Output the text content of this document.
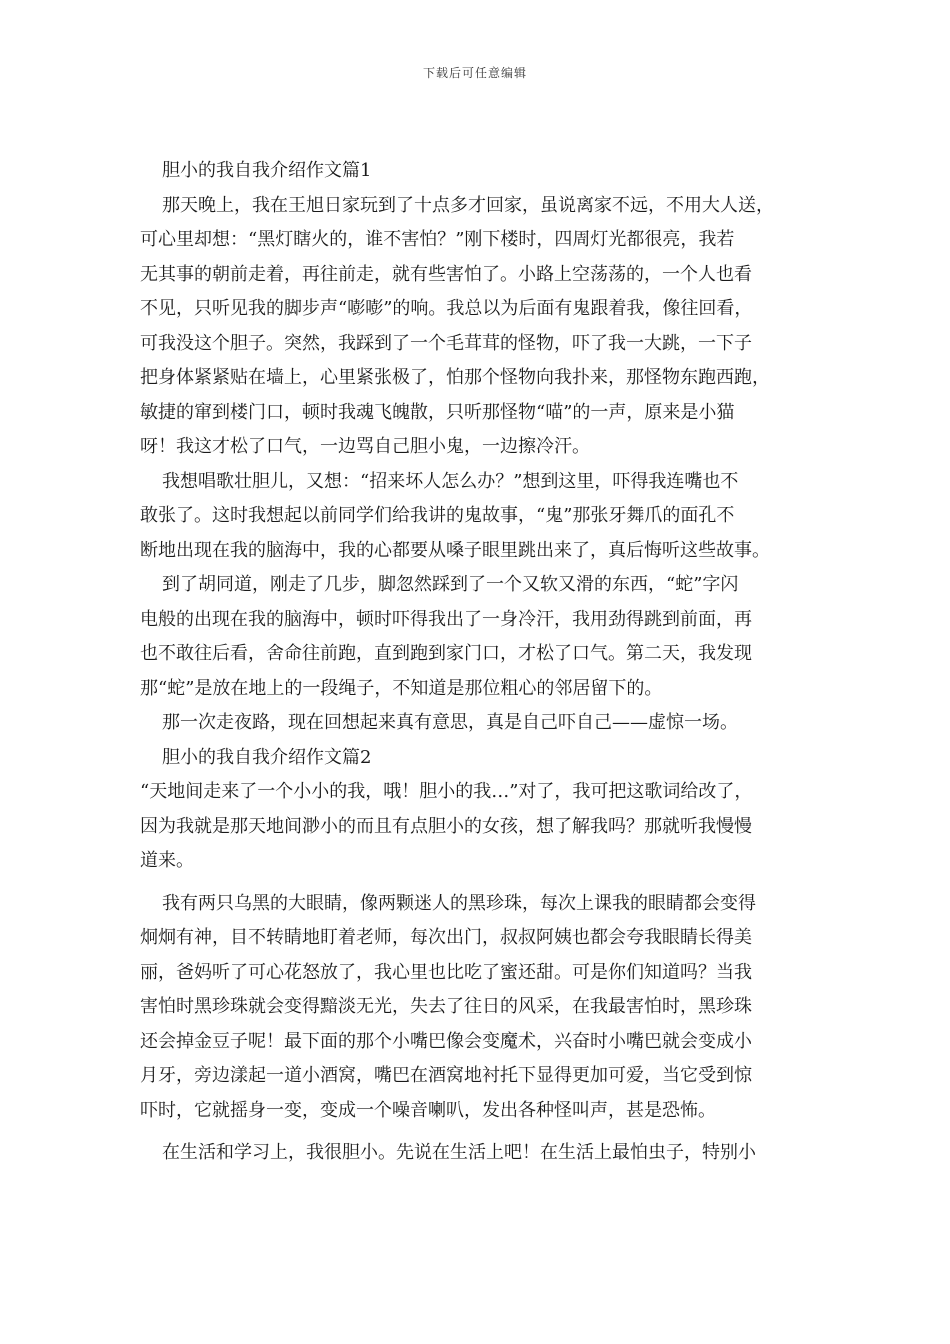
下载后可任意编辑
胆小的我自我介绍作文篇1
那天晚上，我在王旭日家玩到了十点多才回家，虽说离家不远，不用大人送，
可心里却想：“黑灯瞎火的，谁不害怕？”刚下楼时，四周灯光都很亮，我若
无其事的朝前走着，再往前走，就有些害怕了。小路上空荡荡的，一个人也看
不见，只听见我的脚步声“嘭嘭”的响。我总以为后面有鬼跟着我，像往回看，
可我没这个胆子。突然，我踩到了一个毛茸茸的怪物，吓了我一大跳，一下子
把身体紧紧贴在墙上，心里紧张极了，怕那个怪物向我扑来，那怪物东跑西跑，
敏捷的窜到楼门口，顿时我魂飞魄散，只听那怪物“喵”的一声，原来是小猫
呀！我这才松了口气，一边骂自己胆小鬼，一边擦冷汗。
我想唱歌壮胆儿，又想：“招来坏人怎么办？”想到这里，吓得我连嘴也不
敢张了。这时我想起以前同学们给我讲的鬼故事，“鬼”那张牙舞爪的面孔不
断地出现在我的脑海中，我的心都要从嗓子眼里跳出来了，真后悔听这些故事。
到了胡同道，刚走了几步，脚忽然踩到了一个又软又滑的东西，“蛇”字闪
电般的出现在我的脑海中，顿时吓得我出了一身冷汗，我用劲得跳到前面，再
也不敢往后看，舍命往前跑，直到跑到家门口，才松了口气。第二天，我发现
那“蛇”是放在地上的一段绳子，不知道是那位粗心的邻居留下的。
那一次走夜路，现在回想起来真有意思，真是自己吓自己——虚惊一场。
胆小的我自我介绍作文篇2
“天地间走来了一个小小的我，哦！胆小的我…”对了，我可把这歌词给改了，
因为我就是那天地间渺小的而且有点胆小的女孩，想了解我吗？那就听我慢慢
道来。
我有两只乌黑的大眼睛，像两颗迷人的黑珍珠，每次上课我的眼睛都会变得
炯炯有神，目不转睛地盯着老师，每次出门，叔叔阿姨也都会夸我眼睛长得美
丽，爸妈听了可心花怒放了，我心里也比吃了蜜还甜。可是你们知道吗？当我
害怕时黑珍珠就会变得黯淡无光，失去了往日的风采，在我最害怕时，黑珍珠
还会掉金豆子呢！最下面的那个小嘴巴像会变魔术，兴奋时小嘴巴就会变成小
月牙，旁边漾起一道小酒窝，嘴巴在酒窝地衬托下显得更加可爱，当它受到惊
吓时，它就摇身一变，变成一个噪音喇叭，发出各种怪叫声，甚是恐怖。
在生活和学习上，我很胆小。先说在生活上吧！在生活上最怕虫子，特别小
